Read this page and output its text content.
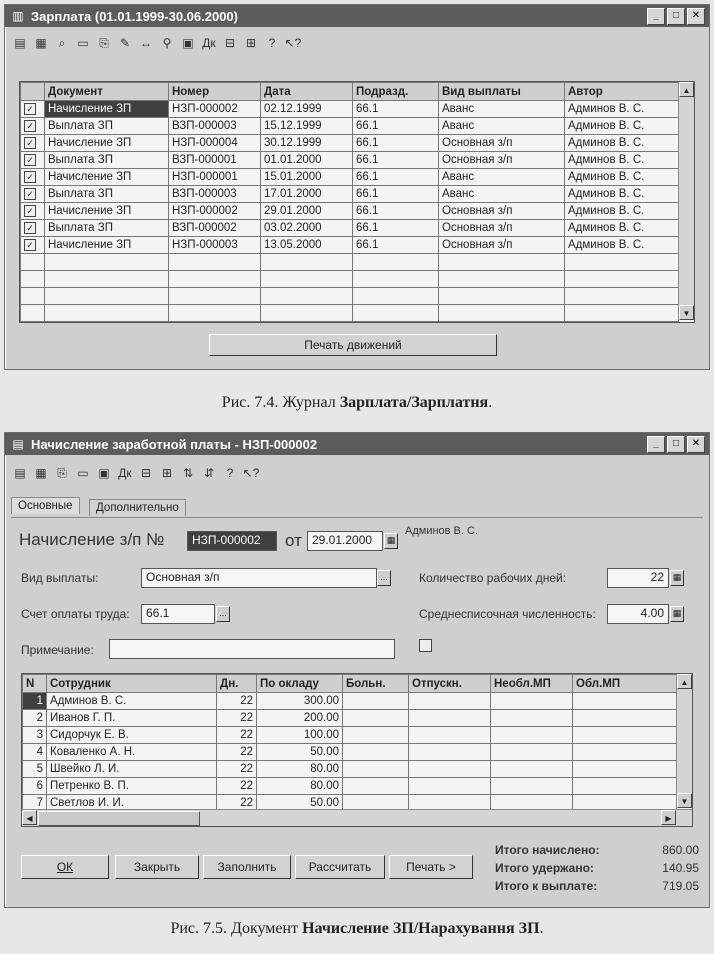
▥ Зарплата (01.01.1999-30.06.2000)	_	□	✕
▤ ▦ ⌕ ▭ ⎘ ✎ ↔ ⚲ ▣ Дк ⊟ ⊞	? ↖?
	Документ	Номер	Дата	Подразд.	Вид выплаты	Автор
✓	Начисление ЗП	НЗП-000002	02.12.1999	66.1	Аванс	Админов В. С.
✓	Выплата ЗП	ВЗП-000003	15.12.1999	66.1	Аванс	Админов В. С.
✓	Начисление ЗП	НЗП-000004	30.12.1999	66.1	Основная з/п	Админов В. С.
✓	Выплата ЗП	ВЗП-000001	01.01.2000	66.1	Основная з/п	Админов В. С.
✓	Начисление ЗП	НЗП-000001	15.01.2000	66.1	Аванс	Админов В. С.
✓	Выплата ЗП	ВЗП-000003	17.01.2000	66.1	Аванс	Админов В. С.
✓	Начисление ЗП	НЗП-000002	29.01.2000	66.1	Основная з/п	Админов В. С.
✓	Выплата ЗП	ВЗП-000002	03.02.2000	66.1	Основная з/п	Админов В. С.
✓	Начисление ЗП	НЗП-000003	13.05.2000	66.1	Основная з/п	Админов В. С.

▲
▼
Печать движений
Рис. 7.4. Журнал Зарплата/Зарплатня.
▤ Начисление заработной платы - НЗП-000002	_	□	✕
▤ ▦ ⎘ ▭ ▣ Дк ⊟ ⊞ ⇅ ⇵	? ↖?
Основные	Дополнительно
Начисление з/п №	НЗП-000002	от 29.01.2000	▦
Админов В. С.
Вид выплаты:	Основная з/п	...	Количество рабочих дней:	22 ▦
Счет оплаты труда:	66.1	...	Среднесписочная численность:	4.00 ▦
Примечание:
N	Сотрудник	Дн.	По окладу	Больн.	Отпускн.	Необл.МП	Обл.МП
1	Админов В. С.	22	300.00				
2	Иванов Г. П.	22	200.00				
3	Сидорчук Е. В.	22	100.00				
4	Коваленко А. Н.	22	50.00				
5	Швейко Л. И.	22	80.00				
6	Петренко В. П.	22	80.00				
7	Светлов И. И.	22	50.00				
▲
▼
◀	▶
ОК	Закрыть	Заполнить	Рассчитать	Печать >
Итого начислено:	860.00
Итого удержано:	140.95
Итого к выплате:	719.05
Рис. 7.5. Документ Начисление ЗП/Нарахування ЗП.
